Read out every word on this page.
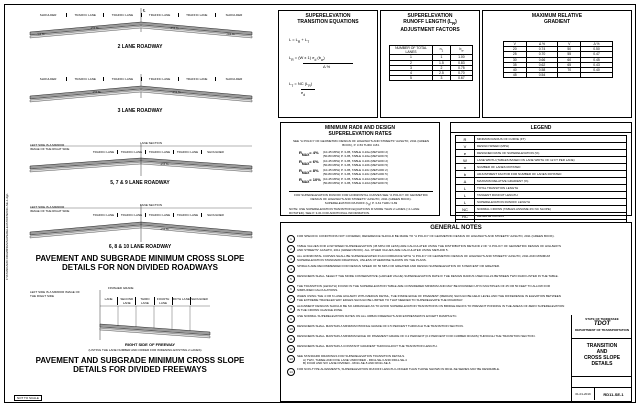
F:\STANDARD DRAWINGS\SUPERELEVATION\RD11-SE-1.dgn
℄
SHOULDER	TRAFFIC LANE	TRAFFIC LANE	TRAFFIC LANE	TRAFFIC LANE	SHOULDER
-2.0 %	-2.0 %
-4.0 %	-4.0 %
2 LANE ROADWAY
SHOULDER	TRAFFIC LANE	TRAFFIC LANE	TRAFFIC LANE	TRAFFIC LANE	SHOULDER
-2.0 %	-2.0 %
3 LANE ROADWAY
LEFT SIDE IS A MIRROR IMAGE OF THE RIGHT SIDE
LANE SECTION
TRAFFIC LANE	TRAFFIC LANE	TRAFFIC LANE	TRAFFIC LANE	SHOULDER
-2.0 %
5, 7 & 9 LANE ROADWAY
LEFT SIDE IS A MIRROR IMAGE OF THE RIGHT SIDE
LANE SECTION
TRAFFIC LANE	TRAFFIC LANE	TRAFFIC LANE	TRAFFIC LANE	SHOULDER
-2.0 %
6, 8 & 10 LANE ROADWAY
PAVEMENT AND SUBGRADE MINIMUM CROSS SLOPE
DETAILS FOR NON DIVIDED ROADWAYS
LEFT SIDE IS A MIRROR IMAGE OF THE RIGHT SIDE
FINISHED GRADE
LANE	SECOND LANE
THIRD LANE
FOURTH LANE
FIFTH LANE SHOULDER
RIGHT SIDE OF FREEWAY
(LISTING THE LANE NUMBER AND ORDER FOR WIDENING EXISTING 2 LANES)
PAVEMENT AND SUBGRADE MINIMUM CROSS SLOPE
DETAILS FOR DIVIDED FREEWAYS
NOT TO SCALE
SUPERELEVATION
TRANSITION EQUATIONS
$L = L_R + L_T$
$L_R = (W$ x 1) $e_d$ $(b_w)$
Δ %
$L_T$ = NC $(L_R)$
$e_d$
SUPERELEVATION
RUNOFF LENGTH $(L_R)$
ADJUSTMENT FACTORS
NUMBER OF TOTAL LANES	$n_1$	$b_w$
1	1	1.00
2	1.5	0.83
3	2	0.75
4	2.5	0.70
5	3	0.67
MAXIMUM RELATIVE
GRADIENT
V	Δ %	V	Δ %
20	0.74	50	0.50
25	0.70	55	0.47
30	0.66	60	0.45
35	0.62	65	0.43
40	0.58	70	0.40
45	0.54		
MINIMUM RADII AND DESIGN
SUPERELEVATION RATES
SEE "A POLICY OF GEOMETRIC DESIGN OF HIGHWAYS AND STREETS" AASHTO, 2011 (GREEN BOOK), P. 3-53 THRU 3-84.
$R_{MAX}= 4\%$	(10-45 MPH) P. 3-95, TABLE 3-10a (METHOD 2)
(50-80 MPH) P. 3-95, TABLE 3-10a (METHOD 5)
$R_{MAX}= 6\%$	(10-45 MPH) P. 3-95, TABLE 3-10b (METHOD 2)
(50-80 MPH) P. 3-95, TABLE 3-10b (METHOD 5)
$R_{MAX}= 8\%$	(10-45 MPH) P. 3-95, TABLE 3-10c (METHOD 2)
(50-80 MPH) P. 3-95, TABLE 3-10c (METHOD 5)
$R_{MAX}= 10\%$ (10-45 MPH) P. 3-95, TABLE 3-10d (METHOD 2)
(50-80 MPH) P. 3-95, TABLE 3-10d (METHOD 5)
FOR SUPERELEVATION RUNOFF FOR HORIZONTAL CURVES SEE "A POLICY OF GEOMETRIC DESIGN OF HIGHWAYS AND STREETS" AASHTO, 2011 (GREEN BOOK).
SUPERELEVATION RUNOFF $(L_R)$ P. 3-61 THRU 3-69
NOTE: USE SUPERELEVATION TRANSITION EQUATIONS IF MORE THAN 2 LANES (>1 LANE ROTATED). SEE P. 3-61 FOR ADDITIONAL INFORMATION.
LEGEND
R	MINIMUM RADIUS OF CURVE (FT)
V	DESIGN SPEED (MPH)
e	DESIGNED RATE OF SUPERELEVATION (%)
W	LANE WIDTH (TABLES BASED ON LANE WIDTH OF 12 FT PER LANE)
n	NUMBER OF LANES ROTATED
b	ADJUSTMENT FACTOR FOR NUMBER OF LANES ROTATED
Δ	MAXIMUM RELATIVE GRADIENT (%)
L	TOTAL TRANSITION LENGTH
L	TANGENT RUNOUT LENGTH
L	SUPERELEVATION RUNOFF LENGTH
NC	NORMAL CROWN (TABLES ASSUME 2% NC SLOPE)
RC	REVERSE CROWN
GENERAL NOTES
1
FOR SPECIFIC CONDITIONS NOT COVERED, REFERENCE SHOULD BE MADE TO "A POLICY OF GEOMETRIC DESIGN OF HIGHWAYS AND STREETS" AASHTO, 2011 (GREEN BOOK).
2
TABLE VALUES FOR LOW SPEED SUPERELEVATION (45 MPH OR LESS) ARE CALCULATED USING THE DISTRIBUTION METHOD 2 OF "A POLICY OF GEOMETRIC DESIGN OF HIGHWAYS AND STREETS" AASHTO, 2011 (GREEN BOOK). ALL OTHER VALUES ARE CALCULATED USING METHOD 5.
3
ALL HORIZONTAL CURVES SHALL BE SUPERELEVATED IN ACCORDANCE WITH "A POLICY OF GEOMETRIC DESIGN OF HIGHWAYS AND STREETS" AASHTO, 2011 AND MINIMUM SUPERELEVATION STANDARD DRAWINGS, UNLESS OTHERWISE SHOWN ON THE PLANS.
4
SPIRALS ARE RECOMMENDED FOR DESIGN SPEED OF 50 MPH OR GREATER AND DESIGN SUPERELEVATION OF 6 PERCENT OR GREATER.
5
DESIGNERS SHALL SELECT THE MORE CONSERVATIVE (LARGER VALUE) SUPERELEVATION RATE IF THE DESIGN RADIUS USED FALLS BETWEEN TWO RADII LISTED IN THE TABLE.
6
THE TRANSITION (LENGTH) FOUND IN THE SUPERELEVATION TABLE ARE CONSIDERED MINIMUM AND MAY BE ROUNDED UP IN MULTIPLES OF 25 OR 50 FEET TO ALLOW FOR SIMPLIFIED CALCULATIONS.
7
WHEN USING THE 4 OR 6 LANE HIGHWAY WITH MEDIAN DETAIL, THE INSIDE EDGE OF PAVEMENT (MEDIAN) SHOULD BE HELD LEVEL AND THE DIFFERENCE IN ELEVATION BETWEEN THE EXTREME TRAVELED WAY EDGES SHOULD BE LIMITED TO THAT NEEDED TO SUPERELEVATE THE ROADWAY.
8
ALIGNMENT DESIGNS SHOULD BE SO ARRANGED AS TO AVOID SUPERELEVATION TRANSITIONS ON BRIDGE DECKS TO PREVENT PONDING IN THE AREAS OF ZERO SUPERELEVATION IN THE CROWN CHANGE ZONE.
9
USE NORMAL SUPERELEVATION RATES ON ALL URBAN FREEWAYS AND EXPRESSWAYS EXCEPT RAMPS ETC.
10
DESIGNERS SHALL MAINTAIN A MINIMUM PROFILE GRADE OF 0.5 PERCENT THROUGH THE TRANSITION SECTION.
11
DESIGNERS SHALL MAINTAIN A MINIMUM EDGE OF PAVEMENT GRADE OF 0.2 PERCENT (0.3 PERCENT FOR CURBED ROADS) THROUGH THE TRANSITION SECTION.
12
DESIGNERS SHALL MAINTAIN A CONSTANT GRADIENT THROUGHOUT THE TRANSITION LENGTH.
13
SEE STANDARD DRAWINGS FOR SUPERELEVATION TRANSITION DETAILS.
A) TWO, THREE AND FIVE LANE UNDIVIDED - RD11-SE-3 AND RD11-SE-4
B) FOUR AND SIX LANE DIVIDED - RD11-SE-5 AND RD11-SE-6
14
FOR NON-TYPE ALIGNMENTS, SUPERELEVATION RUNOFF LENGTH LONGER THAN THOSE SHOWN IN RD11-SE SERIES MAY BE DESIRABLE.
STATE OF TENNESSEE
TDOT
DEPARTMENT OF TRANSPORTATION
TRANSITION
AND
CROSS SLOPE
DETAILS
01-01-2019	RD11-SE-1
